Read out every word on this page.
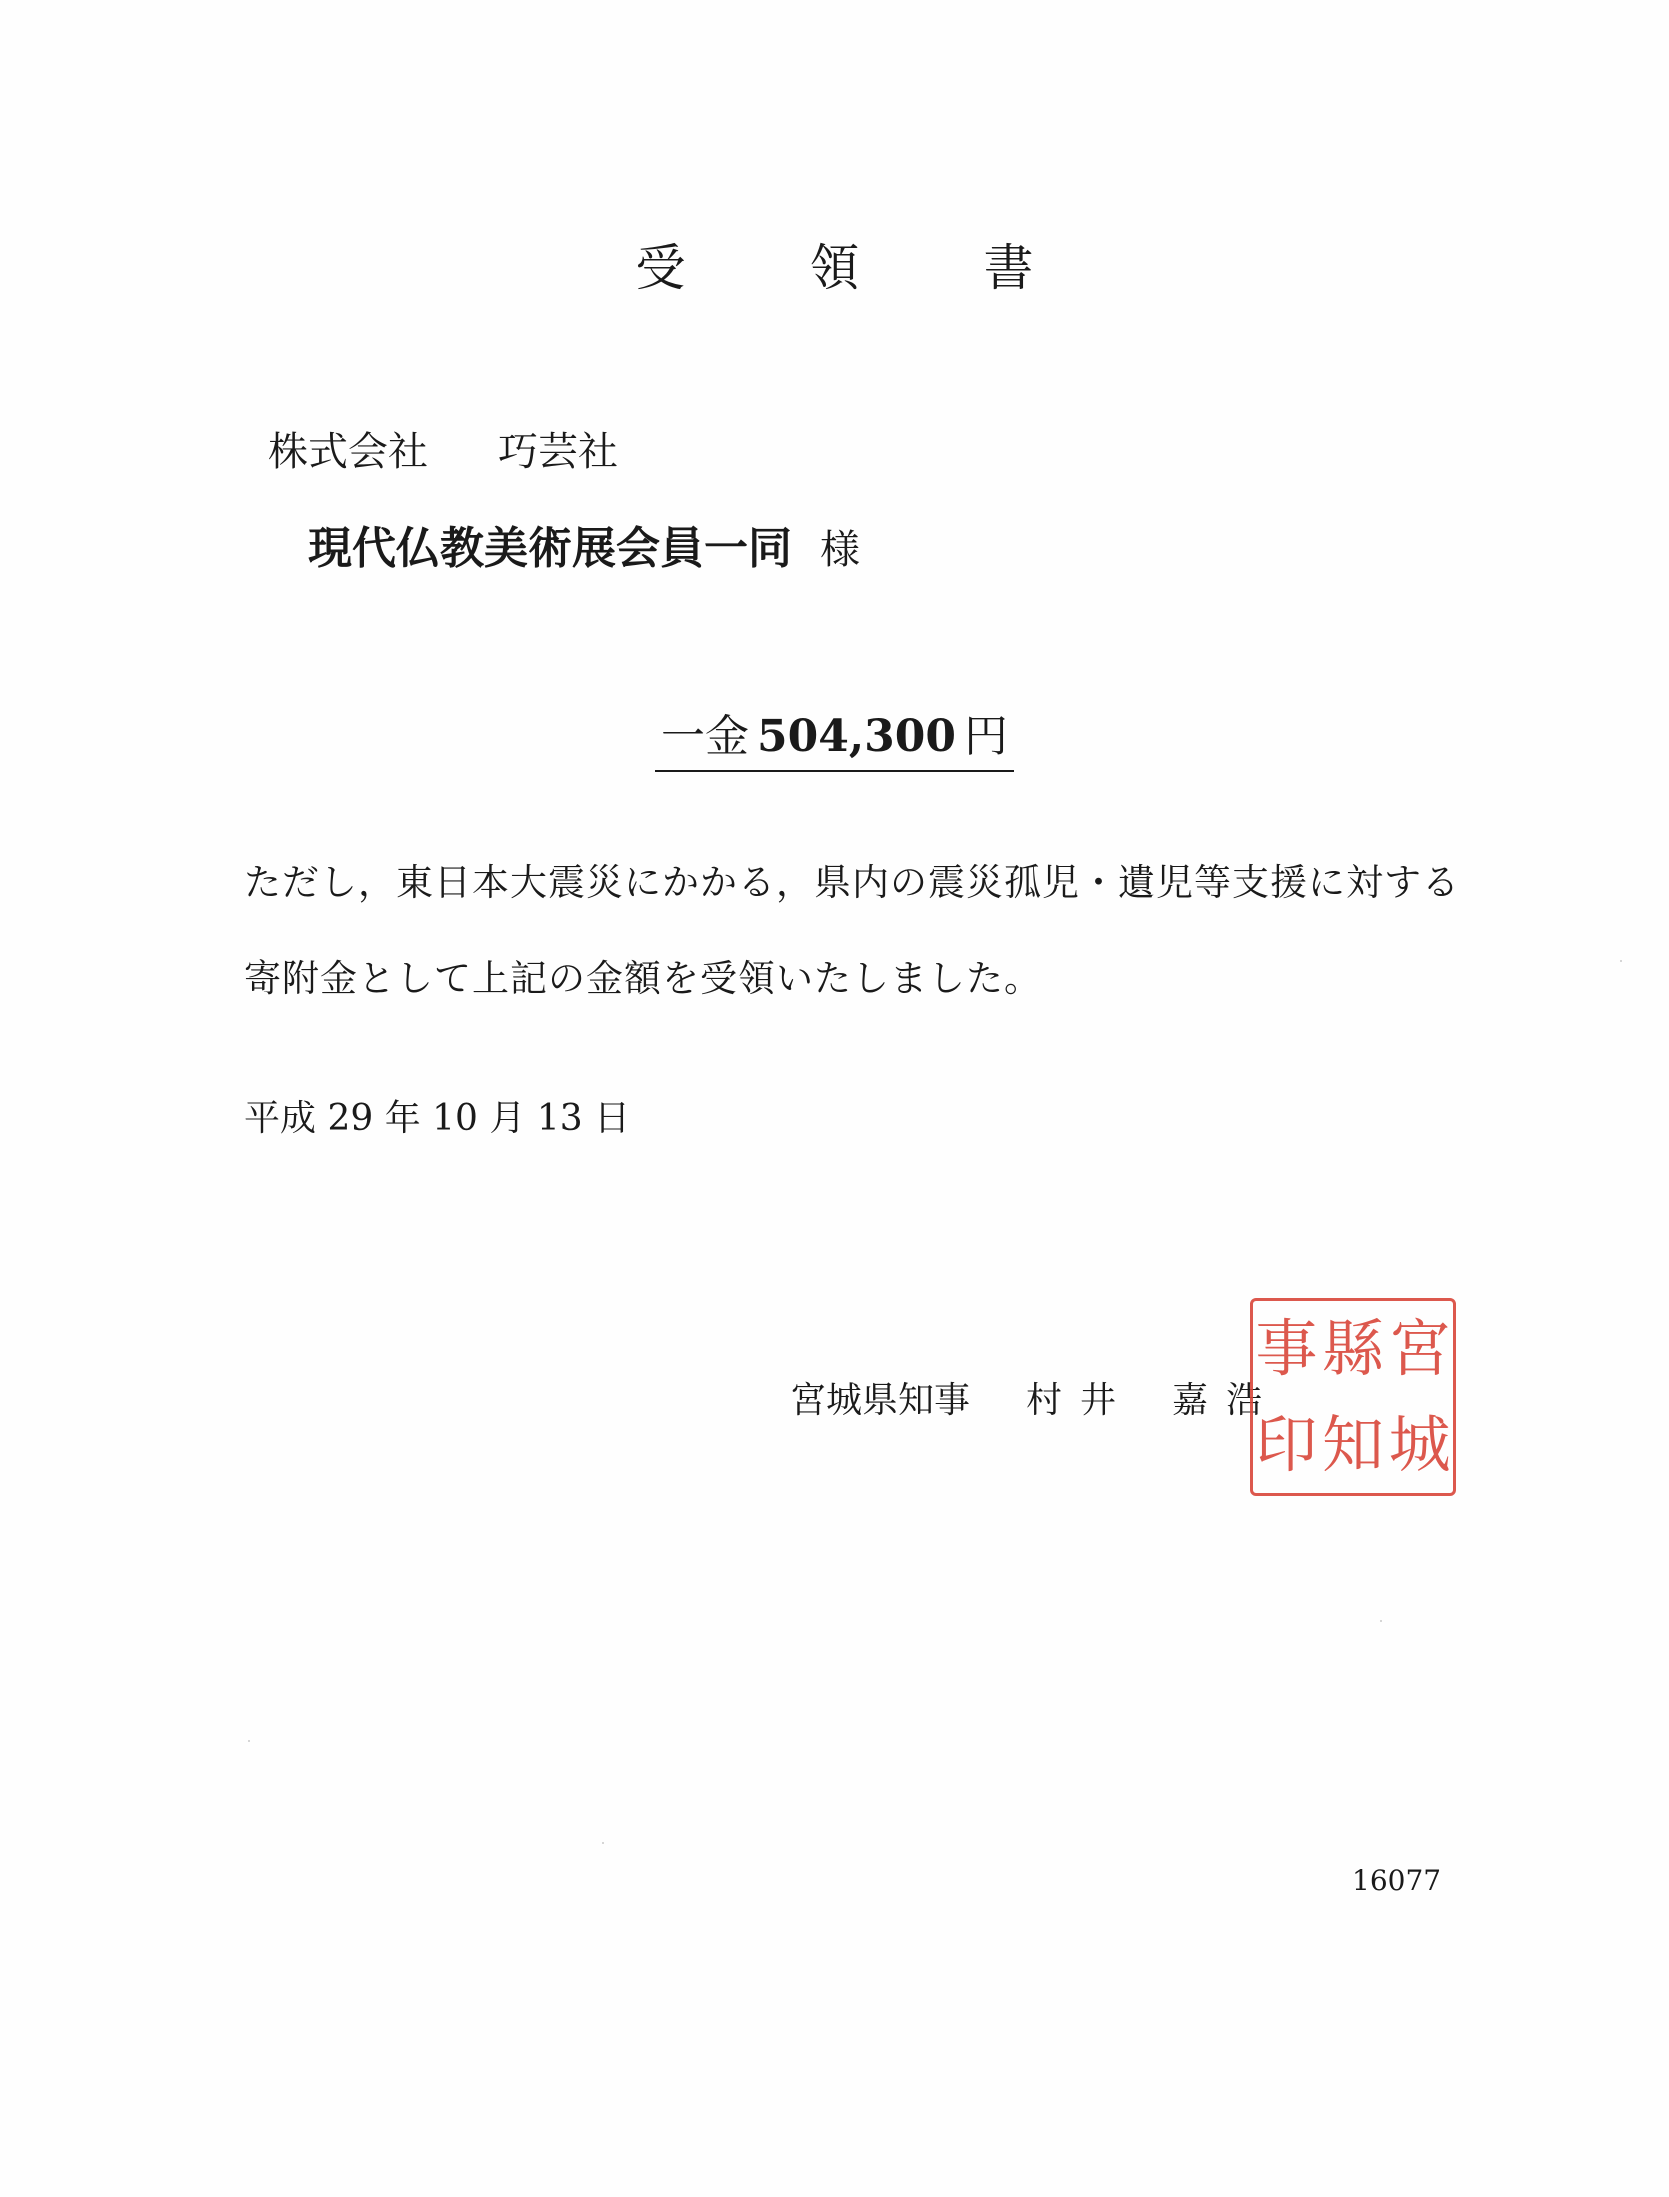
受 領 書
株式会社 巧芸社
現代仏教美術展会員一同 様
一金 504,300 円
ただし，東日本大震災にかかる，県内の震災孤児・遺児等支援に対する
寄附金として上記の金額を受領いたしました。
平成 29 年 10 月 13 日
宮城県知事 村 井 嘉 浩
宮
城
縣
知
事
印
16077
